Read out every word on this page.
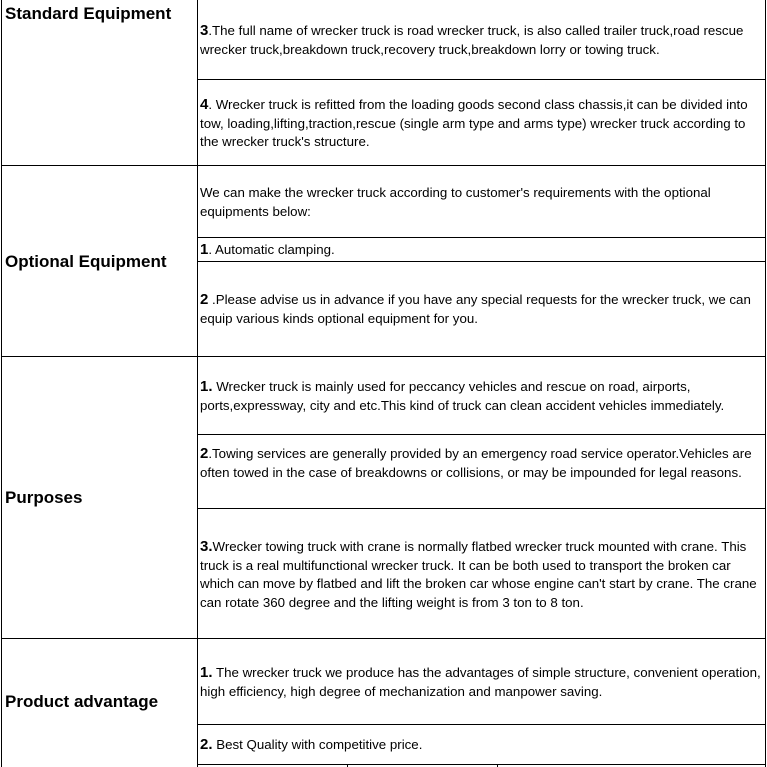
Standard Equipment
Optional Equipment
Purposes
Product advantage
3.The full name of wrecker truck is road wrecker truck, is also called trailer truck,road rescue wrecker truck,breakdown truck,recovery truck,breakdown lorry or towing truck.
4. Wrecker truck is refitted from the loading goods second class chassis,it can be divided into tow, loading,lifting,traction,rescue (single arm type and arms type) wrecker truck according to the wrecker truck's structure.
We can make the wrecker truck according to customer's requirements with the optional equipments below:
1. Automatic clamping.
2 .Please advise us in advance if you have any special requests for the wrecker truck, we can equip various kinds optional equipment for you.
1. Wrecker truck is mainly used for peccancy vehicles and rescue on road, airports, ports,expressway, city and etc.This kind of truck can clean accident vehicles immediately.
2.Towing services are generally provided by an emergency road service operator.Vehicles are often towed in the case of breakdowns or collisions, or may be impounded for legal reasons.
3.Wrecker towing truck with crane is normally flatbed wrecker truck mounted with crane. This truck is a real multifunctional wrecker truck. It can be both used to transport the broken car which can move by flatbed and lift the broken car whose engine can't start by crane. The crane can rotate 360 degree and the lifting weight is from 3 ton to 8 ton.
1. The wrecker truck we produce has the advantages of simple structure, convenient operation, high efficiency, high degree of mechanization and manpower saving.
2. Best Quality with competitive price.
